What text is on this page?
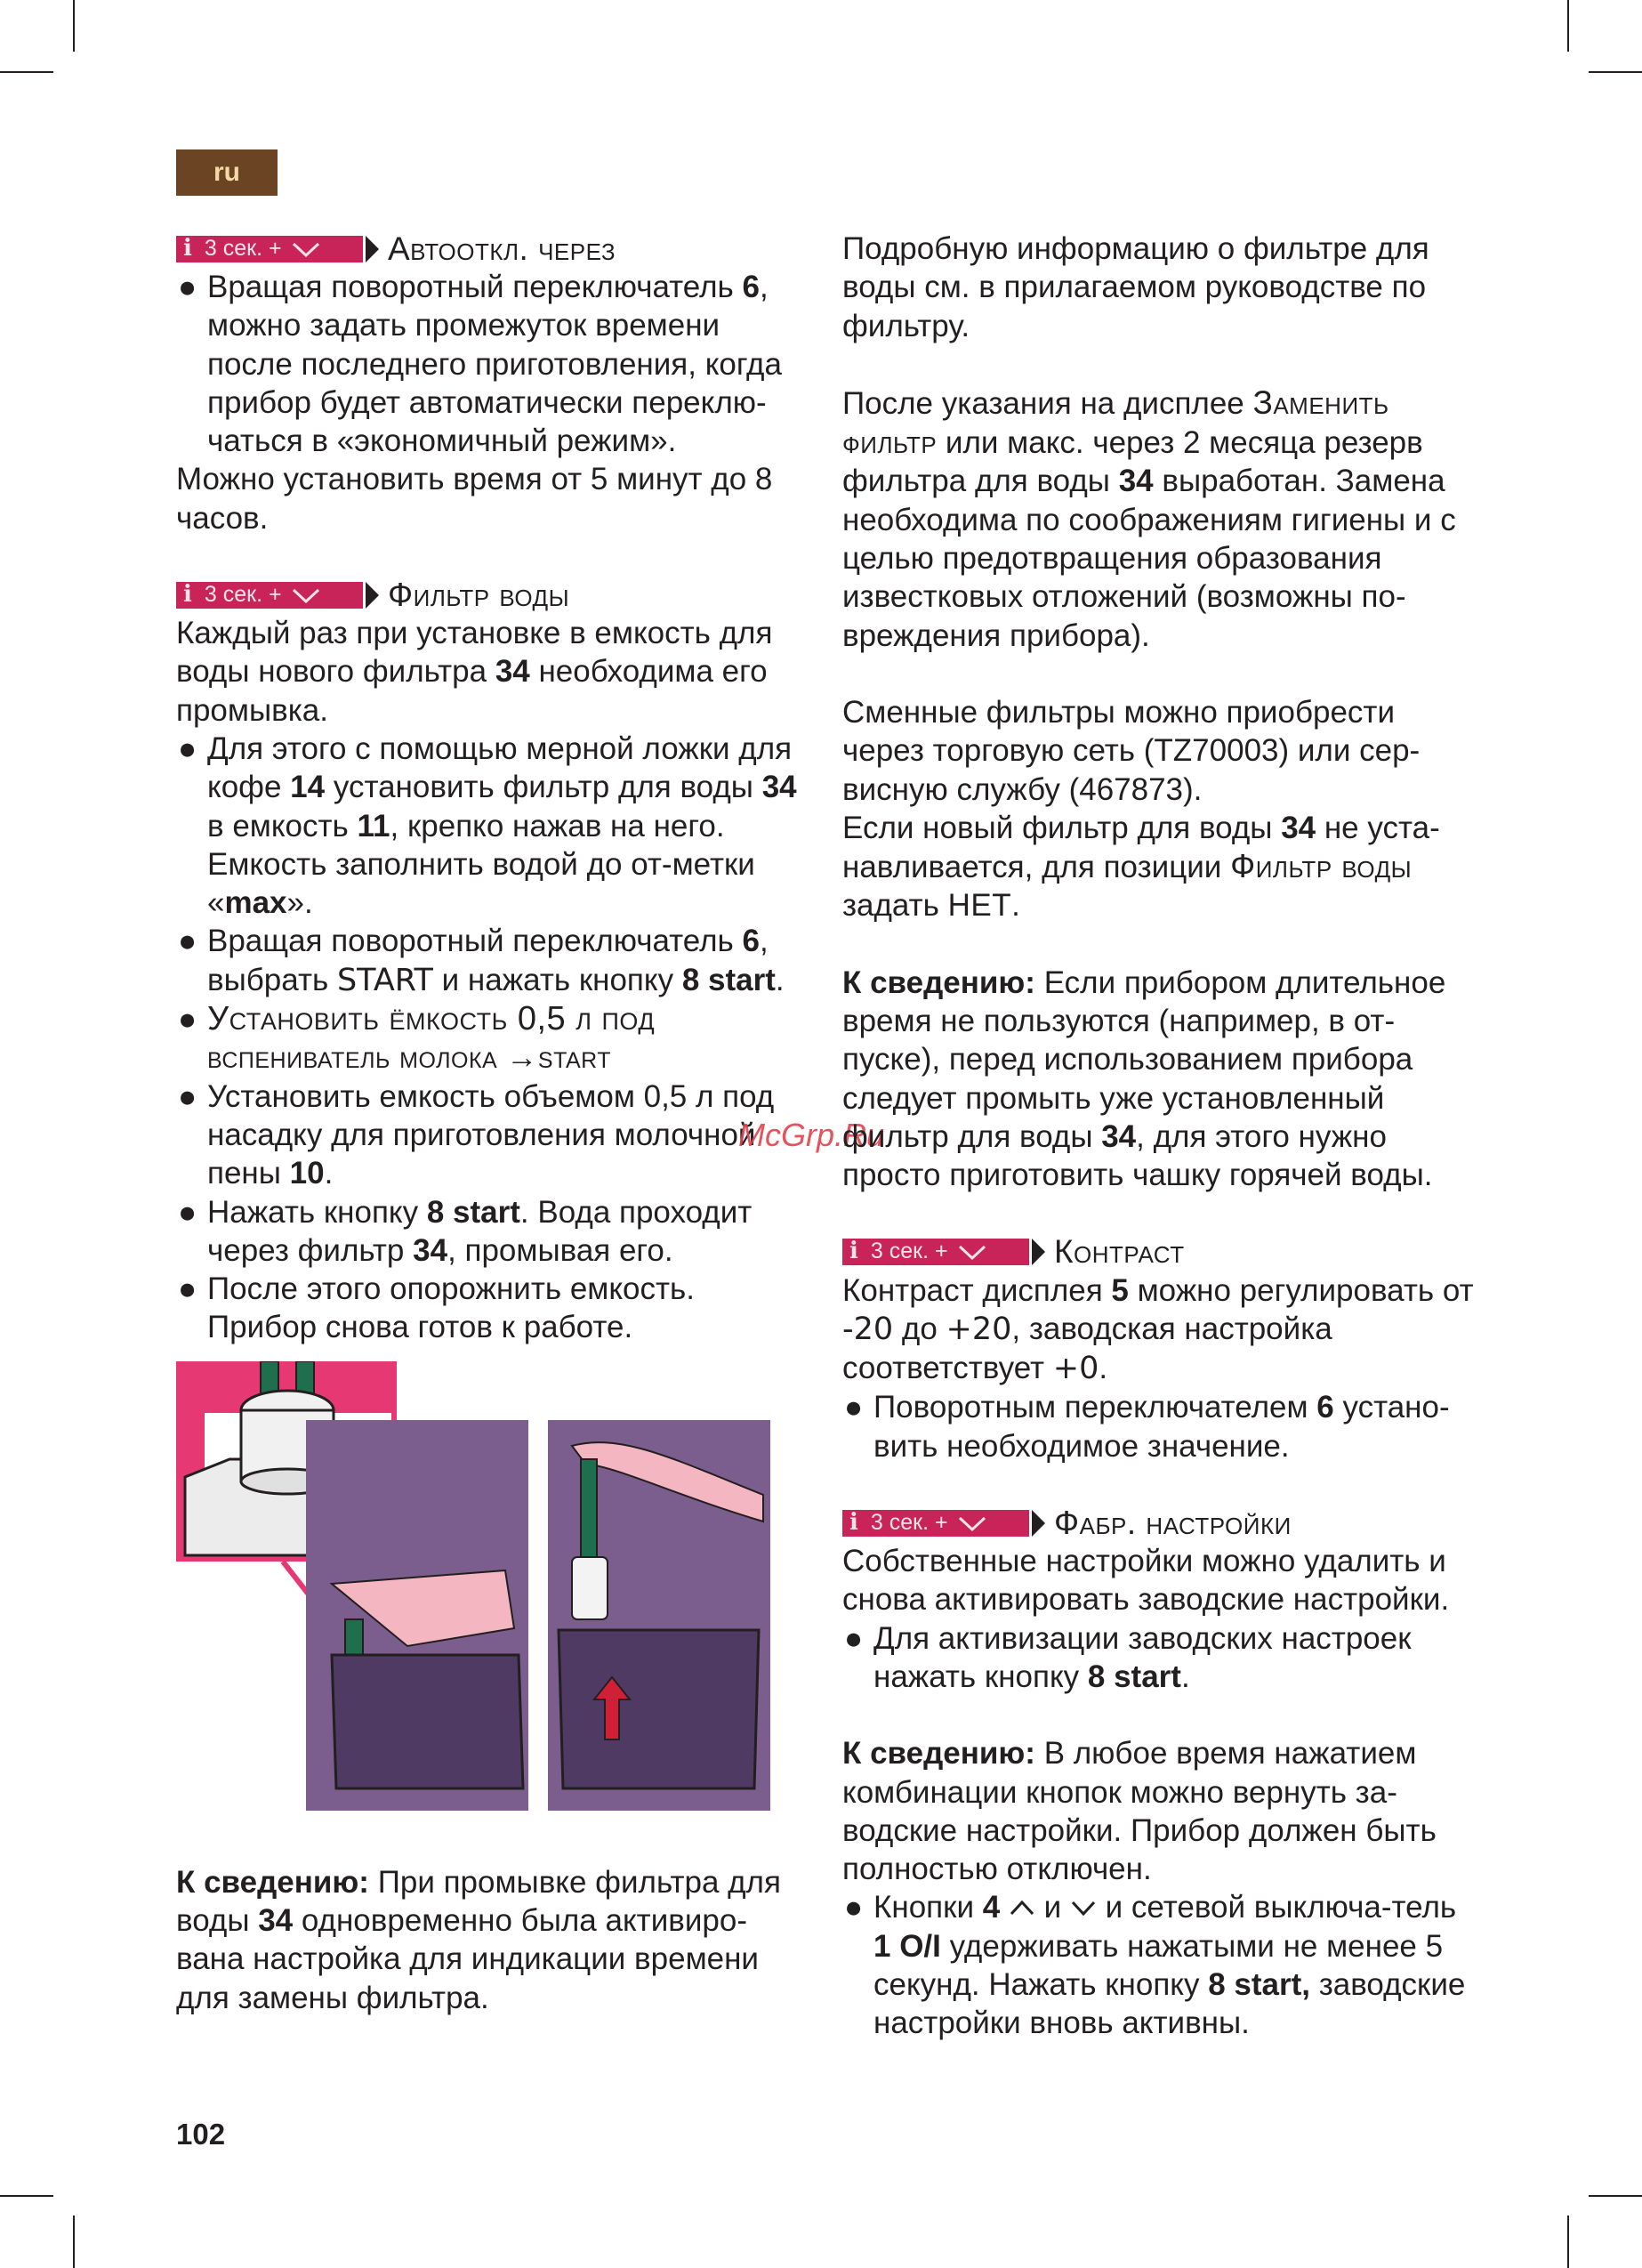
ru
i 3 сек. +	Автооткл. через
● Вращая поворотный переключатель 6, можно задать промежуток времени после последнего приготовления, когда прибор будет автоматически переклю-чаться в «экономичный режим».

Можно установить время от 5 минут до 8 часов.

i 3 сек. +	Фильтр воды

Каждый раз при установке в емкость для воды нового фильтра 34 необходима его промывка.

● Для этого с помощью мерной ложки для кофе 14 установить фильтр для воды 34 в емкость 11, крепко нажав на него. Емкость заполнить водой до от-метки «max».
● Вращая поворотный переключатель 6, выбрать START и нажать кнопку 8 start.
● Установить ёмкость 0,5 л под
вспениватель молока →start
● Установить емкость объемом 0,5 л под насадку для приготовления молочной пены 10.
● Нажать кнопку 8 start. Вода проходит через фильтр 34, промывая его.
● После этого опорожнить емкость. Прибор снова готов к работе.

К сведению: При промывке фильтра для воды 34 одновременно была активиро-вана настройка для индикации времени для замены фильтра.

McGrp.Ru

Подробную информацию о фильтре для воды см. в прилагаемом руководстве по фильтру.

После указания на дисплее Заменить фильтр или макс. через 2 месяца резерв фильтра для воды 34 выработан. Замена необходима по соображениям гигиены и с целью предотвращения образования известковых отложений (возможны по-вреждения прибора).

Сменные фильтры можно приобрести через торговую сеть (TZ70003) или сер-висную службу (467873).

Если новый фильтр для воды 34 не уста-навливается, для позиции Фильтр воды задать НЕТ.

К сведению: Если прибором длительное время не пользуются (например, в от-пуске), перед использованием прибора следует промыть уже установленный фильтр для воды 34, для этого нужно просто приготовить чашку горячей воды.

i 3 сек. +	Контраст

Контраст дисплея 5 можно регулировать от -20 до +20, заводская настройка соответствует +0.

● Поворотным переключателем 6 устано-вить необходимое значение.
i 3 сек. +	Фабр. настройки

Собственные настройки можно удалить и снова активировать заводские настройки.

● Для активизации заводских настроек нажать кнопку 8 start.

К сведению: В любое время нажатием комбинации кнопок можно вернуть за-водские настройки. Прибор должен быть полностью отключен.

● Кнопки 4  и  и сетевой выключа-тель 1 O/I удерживать нажатыми не менее 5 секунд. Нажать кнопку 8 start, заводские настройки вновь активны.
102
